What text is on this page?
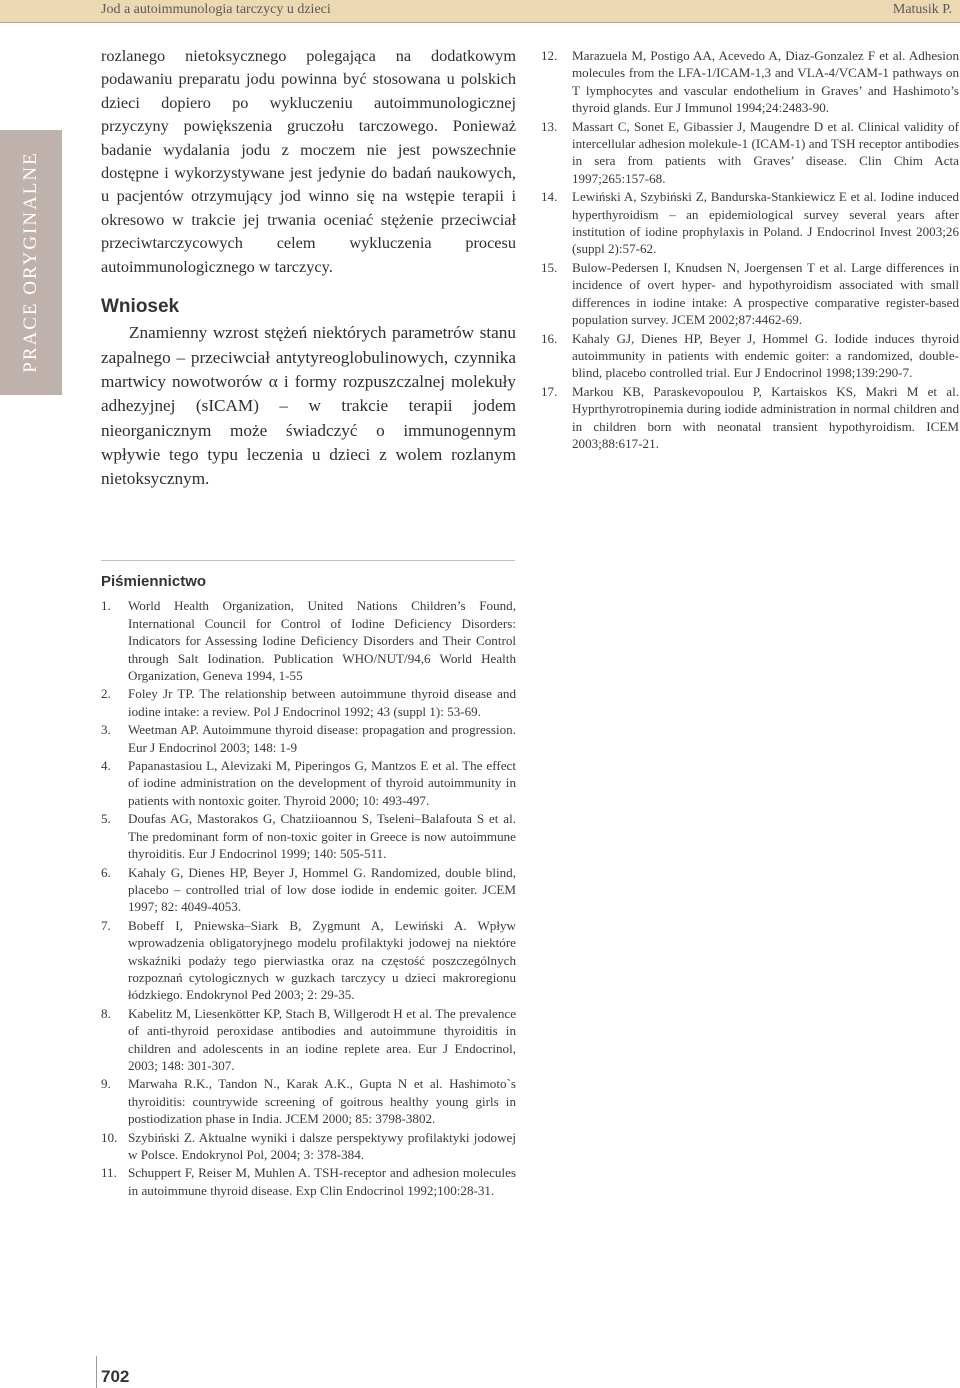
Jod a autoimmunologia tarczycy u dzieci	Matusik P.
PRACE ORYGINALNE

rozlanego nietoksycznego polegająca na dodatkowym podawaniu preparatu jodu powinna być stosowana u polskich dzieci dopiero po wykluczeniu autoimmunologicznej przyczyny powiększenia gruczołu tarczowego. Ponieważ badanie wydalania jodu z moczem nie jest powszechnie dostępne i wykorzystywane jest jedynie do badań naukowych, u pacjentów otrzymujący jod winno się na wstępie terapii i okresowo w trakcie jej trwania oceniać stężenie przeciwciał przeciwtarczycowych celem wykluczenia procesu autoimmunologicznego w tarczycy.

Wniosek

Znamienny wzrost stężeń niektórych parametrów stanu zapalnego – przeciwciał antytyreoglobulinowych, czynnika martwicy nowotworów α i formy rozpuszczalnej molekuły adhezyjnej (sICAM) – w trakcie terapii jodem nieorganicznym może świadczyć o immunogennym wpływie tego typu leczenia u dzieci z wolem rozlanym nietoksycznym.

12. Marazuela M, Postigo AA, Acevedo A, Diaz-Gonzalez F et al. Adhesion molecules from the LFA-1/ICAM-1,3 and VLA-4/VCAM-1 pathways on T lymphocytes and vascular endothelium in Graves’ and Hashimoto’s thyroid glands. Eur J Immunol 1994;24:2483-90.
13. Massart C, Sonet E, Gibassier J, Maugendre D et al. Clinical validity of intercellular adhesion molekule-1 (ICAM-1) and TSH receptor antibodies in sera from patients with Graves’ disease. Clin Chim Acta 1997;265:157-68.
14. Lewiński A, Szybiński Z, Bandurska-Stankiewicz E et al. Iodine induced hyperthyroidism – an epidemiological survey several years after institution of iodine prophylaxis in Poland. J Endocrinol Invest 2003;26 (suppl 2):57-62.
15. Bulow-Pedersen I, Knudsen N, Joergensen T et al. Large differences in incidence of overt hyper- and hypothyroidism associated with small differences in iodine intake: A prospective comparative register-based population survey. JCEM 2002;87:4462-69.
16. Kahaly GJ, Dienes HP, Beyer J, Hommel G. Iodide induces thyroid autoimmunity in patients with endemic goiter: a randomized, double-blind, placebo controlled trial. Eur J Endocrinol 1998;139:290-7.
17. Markou KB, Paraskevopoulou P, Kartaiskos KS, Makri M et al. Hyprthyrotropinemia during iodide administration in normal children and in children born with neonatal transient hypothyroidism. ICEM 2003;88:617-21.
Piśmiennictwo
1. World Health Organization, United Nations Children’s Found, International Council for Control of Iodine Deficiency Disorders: Indicators for Assessing Iodine Deficiency Disorders and Their Control through Salt Iodination. Publication WHO/NUT/94,6 World Health Organization, Geneva 1994, 1-55
2. Foley Jr TP. The relationship between autoimmune thyroid disease and iodine intake: a review. Pol J Endocrinol 1992; 43 (suppl 1): 53-69.
3. Weetman AP. Autoimmune thyroid disease: propagation and progression. Eur J Endocrinol 2003; 148: 1-9
4. Papanastasiou L, Alevizaki M, Piperingos G, Mantzos E et al. The effect of iodine administration on the development of thyroid autoimmunity in patients with nontoxic goiter. Thyroid 2000; 10: 493-497.
5. Doufas AG, Mastorakos G, Chatziioannou S, Tseleni–Balafouta S et al. The predominant form of non-toxic goiter in Greece is now autoimmune thyroiditis. Eur J Endocrinol 1999; 140: 505-511.
6. Kahaly G, Dienes HP, Beyer J, Hommel G. Randomized, double blind, placebo – controlled trial of low dose iodide in endemic goiter. JCEM 1997; 82: 4049-4053.
7. Bobeff I, Pniewska–Siark B, Zygmunt A, Lewiński A. Wpływ wprowadzenia obligatoryjnego modelu profilaktyki jodowej na niektóre wskaźniki podaży tego pierwiastka oraz na częstość poszczególnych rozpoznań cytologicznych w guzkach tarczycy u dzieci makroregionu łódzkiego. Endokrynol Ped 2003; 2: 29-35.
8. Kabelitz M, Liesenkötter KP, Stach B, Willgerodt H et al. The prevalence of anti-thyroid peroxidase antibodies and autoimmune thyroiditis in children and adolescents in an iodine replete area. Eur J Endocrinol, 2003; 148: 301-307.
9. Marwaha R.K., Tandon N., Karak A.K., Gupta N et al. Hashimoto`s thyroiditis: countrywide screening of goitrous healthy young girls in postiodization phase in India. JCEM 2000; 85: 3798-3802.
10. Szybiński Z. Aktualne wyniki i dalsze perspektywy profilaktyki jodowej w Polsce. Endokrynol Pol, 2004; 3: 378-384.
11. Schuppert F, Reiser M, Muhlen A. TSH-receptor and adhesion molecules in autoimmune thyroid disease. Exp Clin Endocrinol 1992;100:28-31.
702
